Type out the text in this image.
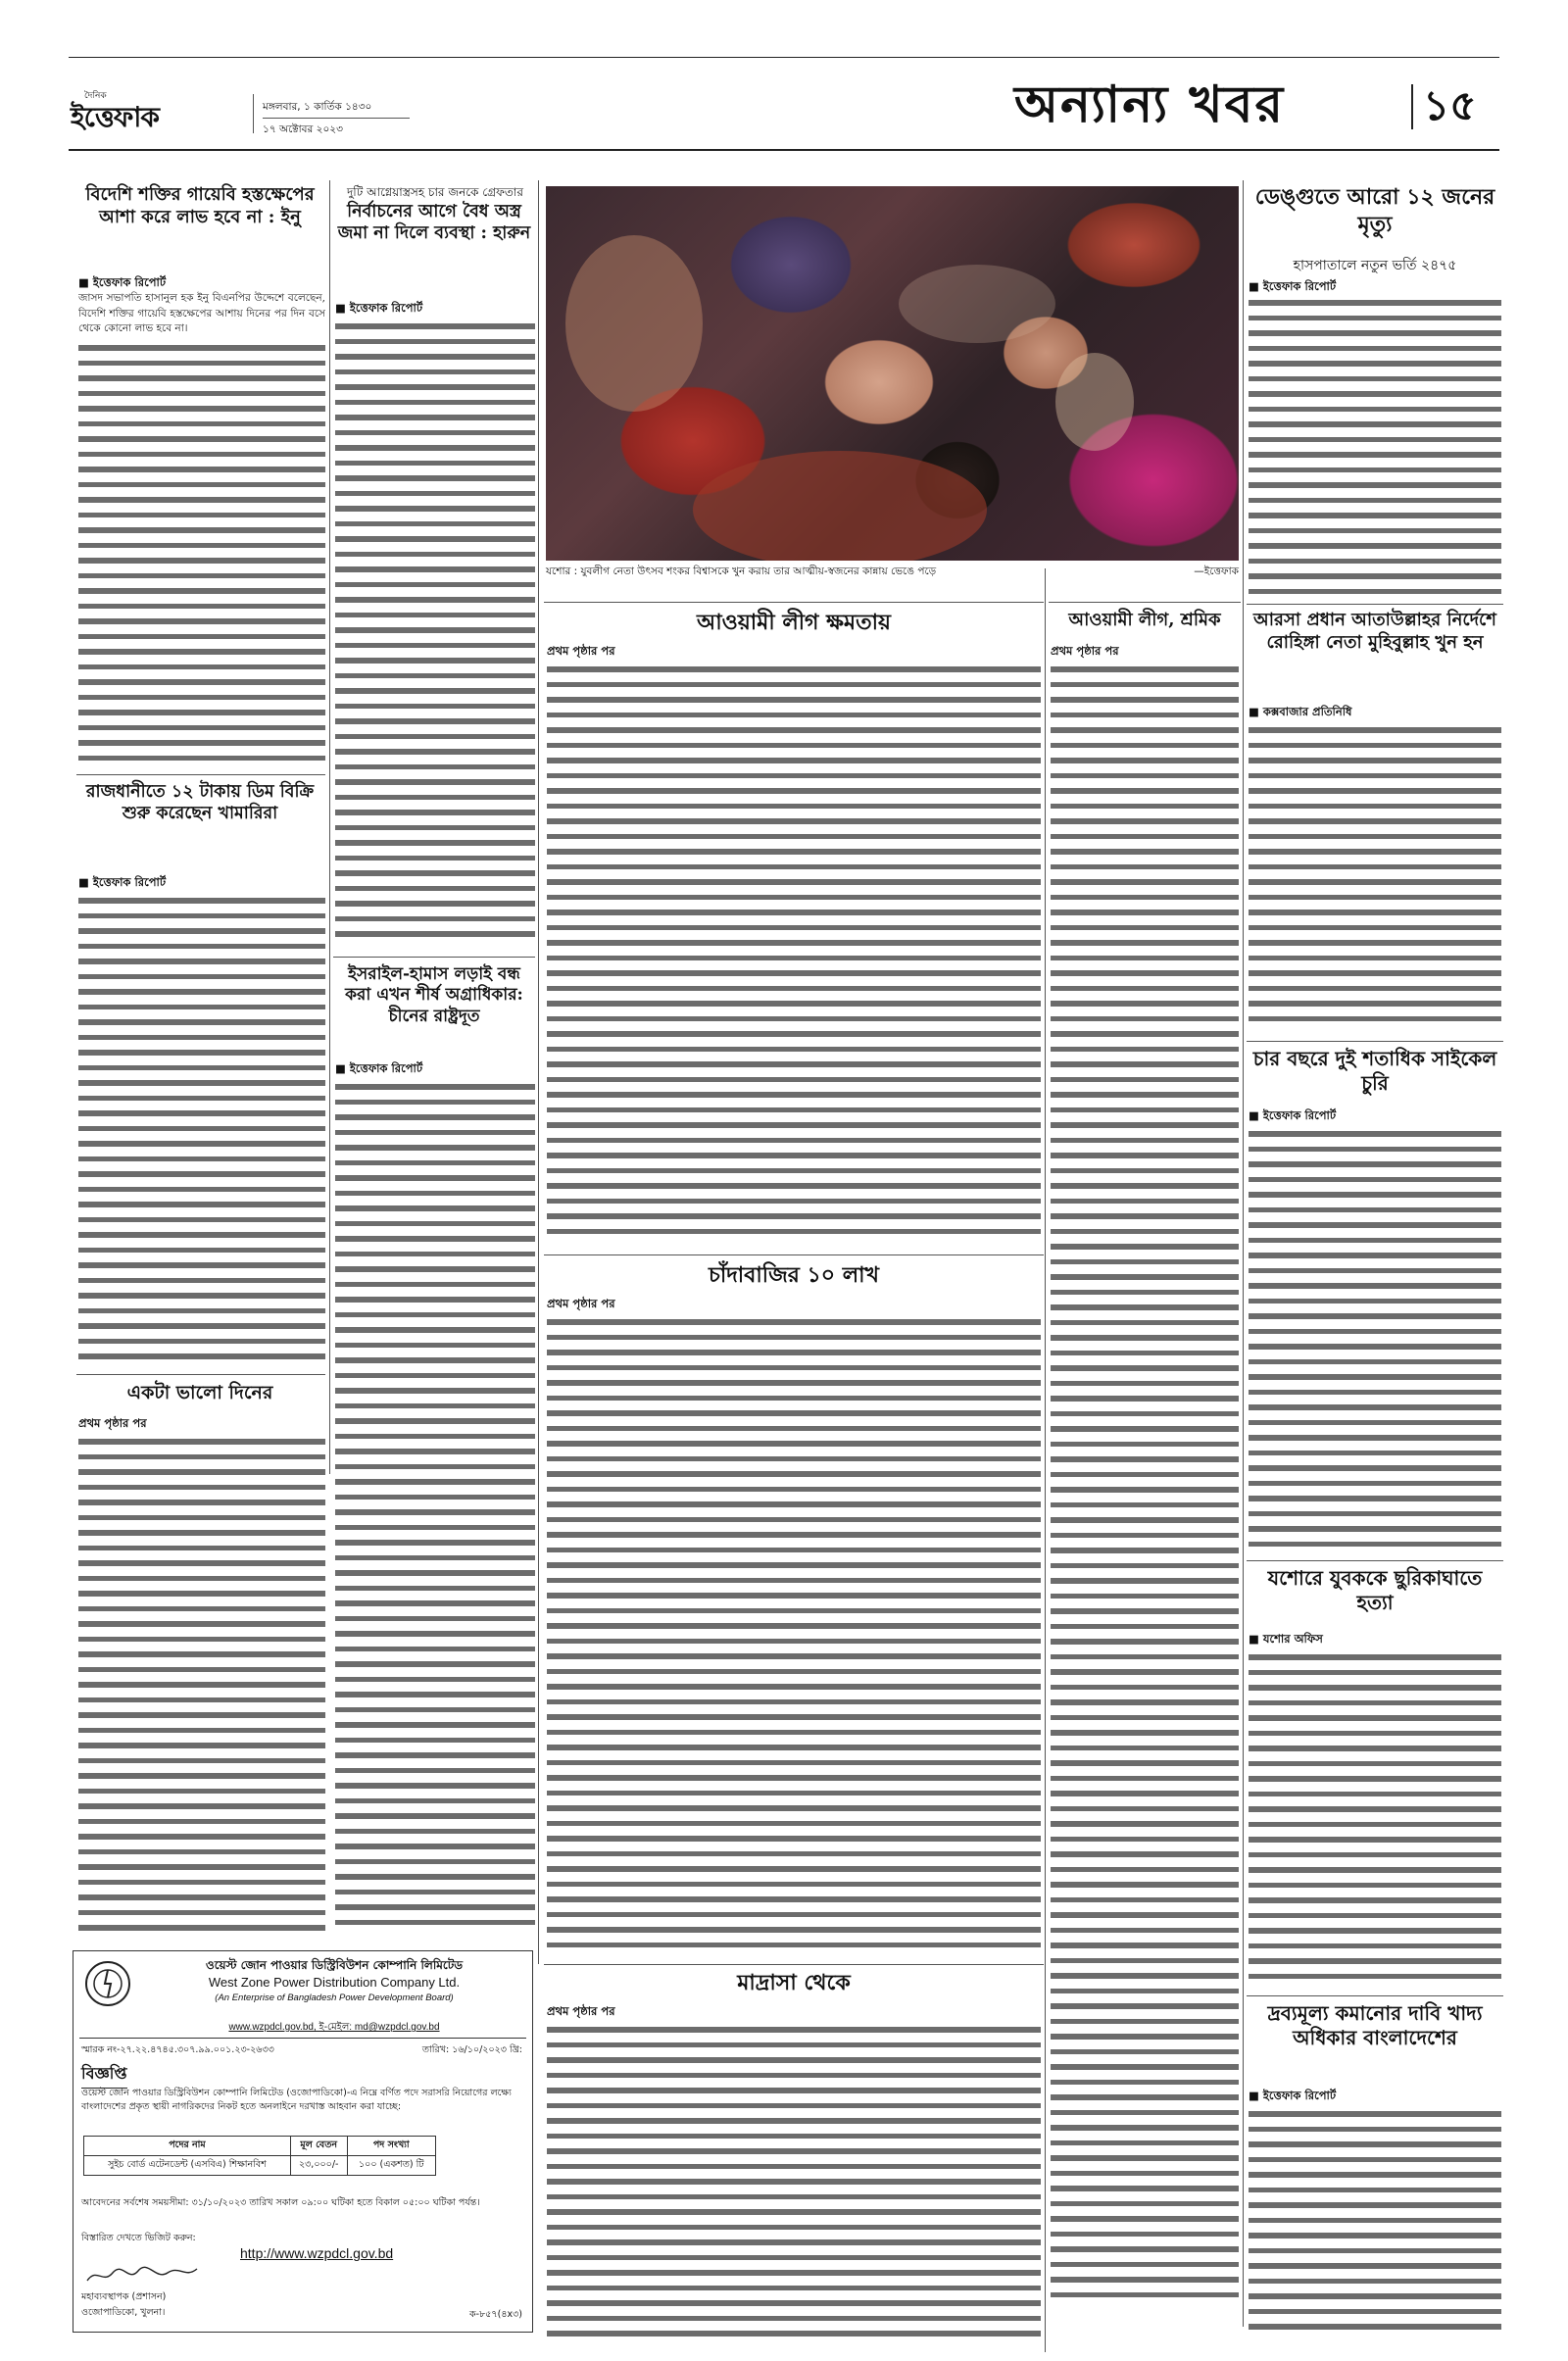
দৈনিক
ইত্তেফাক	মঙ্গলবার, ১ কার্তিক ১৪৩০
১৭ অক্টোবর ২০২৩	অন্যান্য খবর	১৫
বিদেশি শক্তির গায়েবি হস্তক্ষেপের আশা করে লাভ হবে না : ইনু
■ ইত্তেফাক রিপোর্ট
জাসদ সভাপতি হাসানুল হক ইনু বিএনপির উদ্দেশে বলেছেন, বিদেশি শক্তির গায়েবি হস্তক্ষেপের আশায় দিনের পর দিন বসে থেকে কোনো লাভ হবে না।
রাজধানীতে ১২ টাকায় ডিম বিক্রি শুরু করেছেন খামারিরা
■ ইত্তেফাক রিপোর্ট
একটা ভালো দিনের
প্রথম পৃষ্ঠার পর
দুটি আগ্নেয়াস্ত্রসহ চার জনকে গ্রেফতার
নির্বাচনের আগে বৈধ অস্ত্র জমা না দিলে ব্যবস্থা : হারুন
■ ইত্তেফাক রিপোর্ট
ইসরাইল-হামাস লড়াই বন্ধ করা এখন শীর্ষ অগ্রাধিকার: চীনের রাষ্ট্রদূত
■ ইত্তেফাক রিপোর্ট
যশোর : যুবলীগ নেতা উৎসব শংকর বিশ্বাসকে খুন করায় তার আত্মীয়-স্বজনের কান্নায় ভেঙে পড়ে	—ইত্তেফাক
ডেঙ্গুতে আরো ১২ জনের মৃত্যু
হাসপাতালে নতুন ভর্তি ২৪৭৫
■ ইত্তেফাক রিপোর্ট
আরসা প্রধান আতাউল্লাহর নির্দেশে রোহিঙ্গা নেতা মুহিবুল্লাহ খুন হন
■ কক্সবাজার প্রতিনিধি
চার বছরে দুই শতাধিক সাইকেল চুরি
■ ইত্তেফাক রিপোর্ট
যশোরে যুবককে ছুরিকাঘাতে হত্যা
■ যশোর অফিস
দ্রব্যমূল্য কমানোর দাবি খাদ্য অধিকার বাংলাদেশের
■ ইত্তেফাক রিপোর্ট
আওয়ামী লীগ ক্ষমতায়
প্রথম পৃষ্ঠার পর
চাঁদাবাজির ১০ লাখ
প্রথম পৃষ্ঠার পর
আওয়ামী লীগ, শ্রমিক
প্রথম পৃষ্ঠার পর
মাদ্রাসা থেকে
প্রথম পৃষ্ঠার পর
ওয়েস্ট জোন পাওয়ার ডিস্ট্রিবিউশন কোম্পানি লিমিটেড
West Zone Power Distribution Company Ltd.
(An Enterprise of Bangladesh Power Development Board)
www.wzpdcl.gov.bd, ই-মেইল: md@wzpdcl.gov.bd
স্মারক নং-২৭.২২.৪৭৪৫.৩০৭.৯৯.০০১.২৩-২৬৩৩	তারিখ: ১৬/১০/২০২৩ খ্রি:
বিজ্ঞপ্তি
ওয়েস্ট জোন পাওয়ার ডিস্ট্রিবিউশন কোম্পানি লিমিটেড (ওজোপাডিকো)-এ নিম্নে বর্ণিত পদে সরাসরি নিয়োগের লক্ষ্যে বাংলাদেশের প্রকৃত স্থায়ী নাগরিকদের নিকট হতে অনলাইনে দরখাস্ত আহবান করা যাচ্ছে:
পদের নাম	মূল বেতন	পদ সংখ্যা
সুইচ বোর্ড এটেনডেন্ট (এসবিএ) শিক্ষানবিশ	২৩,০০০/-	১০০ (একশত) টি
আবেদনের সর্বশেষ সময়সীমা: ৩১/১০/২০২৩ তারিখ সকাল ০৯:০০ ঘটিকা হতে বিকাল ০৫:০০ ঘটিকা পর্যন্ত।
বিস্তারিত দেখতে ভিজিট করুন:
http://www.wzpdcl.gov.bd
মহাব্যবস্থাপক (প্রশাসন)
ওজোপাডিকো, খুলনা।	ক-৮৫৭(৪x৩)
